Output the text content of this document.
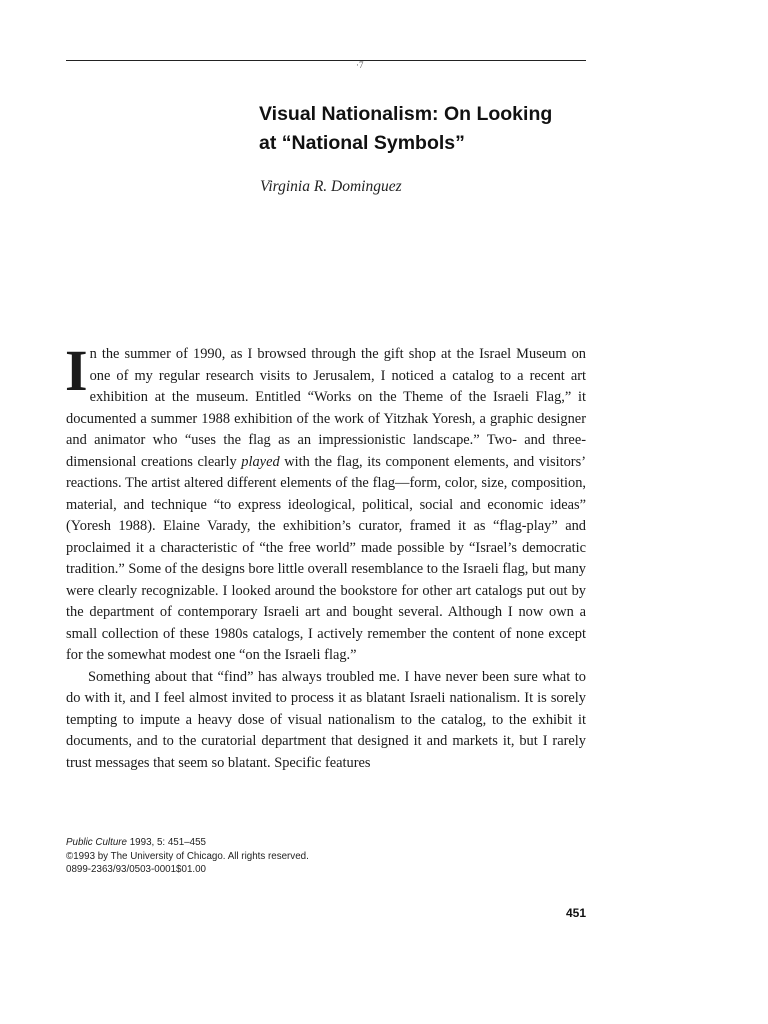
·7
Visual Nationalism: On Looking
at “National Symbols”
Virginia R. Dominguez

In the summer of 1990, as I browsed through the gift shop at the Israel Museum on one of my regular research visits to Jerusalem, I noticed a catalog to a recent art exhibition at the museum. Entitled “Works on the Theme of the Israeli Flag,” it documented a summer 1988 exhibition of the work of Yitzhak Yoresh, a graphic designer and animator who “uses the flag as an impressionistic landscape.” Two- and three-dimensional creations clearly played with the flag, its component elements, and visitors’ reactions. The artist altered different elements of the flag—form, color, size, composition, material, and technique “to express ideological, political, social and economic ideas” (Yoresh 1988). Elaine Varady, the exhibition’s curator, framed it as “flag-play” and proclaimed it a characteristic of “the free world” made possible by “Israel’s democratic tradition.” Some of the designs bore little overall resemblance to the Israeli flag, but many were clearly recognizable. I looked around the bookstore for other art catalogs put out by the department of contemporary Israeli art and bought several. Although I now own a small collection of these 1980s catalogs, I actively remember the content of none except for the somewhat modest one “on the Israeli flag.”

Something about that “find” has always troubled me. I have never been sure what to do with it, and I feel almost invited to process it as blatant Israeli nationalism. It is sorely tempting to impute a heavy dose of visual nationalism to the catalog, to the exhibit it documents, and to the curatorial department that designed it and markets it, but I rarely trust messages that seem so blatant. Specific features

Public Culture 1993, 5: 451–455
©1993 by The University of Chicago. All rights reserved.
0899-2363/93/0503-0001$01.00
451
